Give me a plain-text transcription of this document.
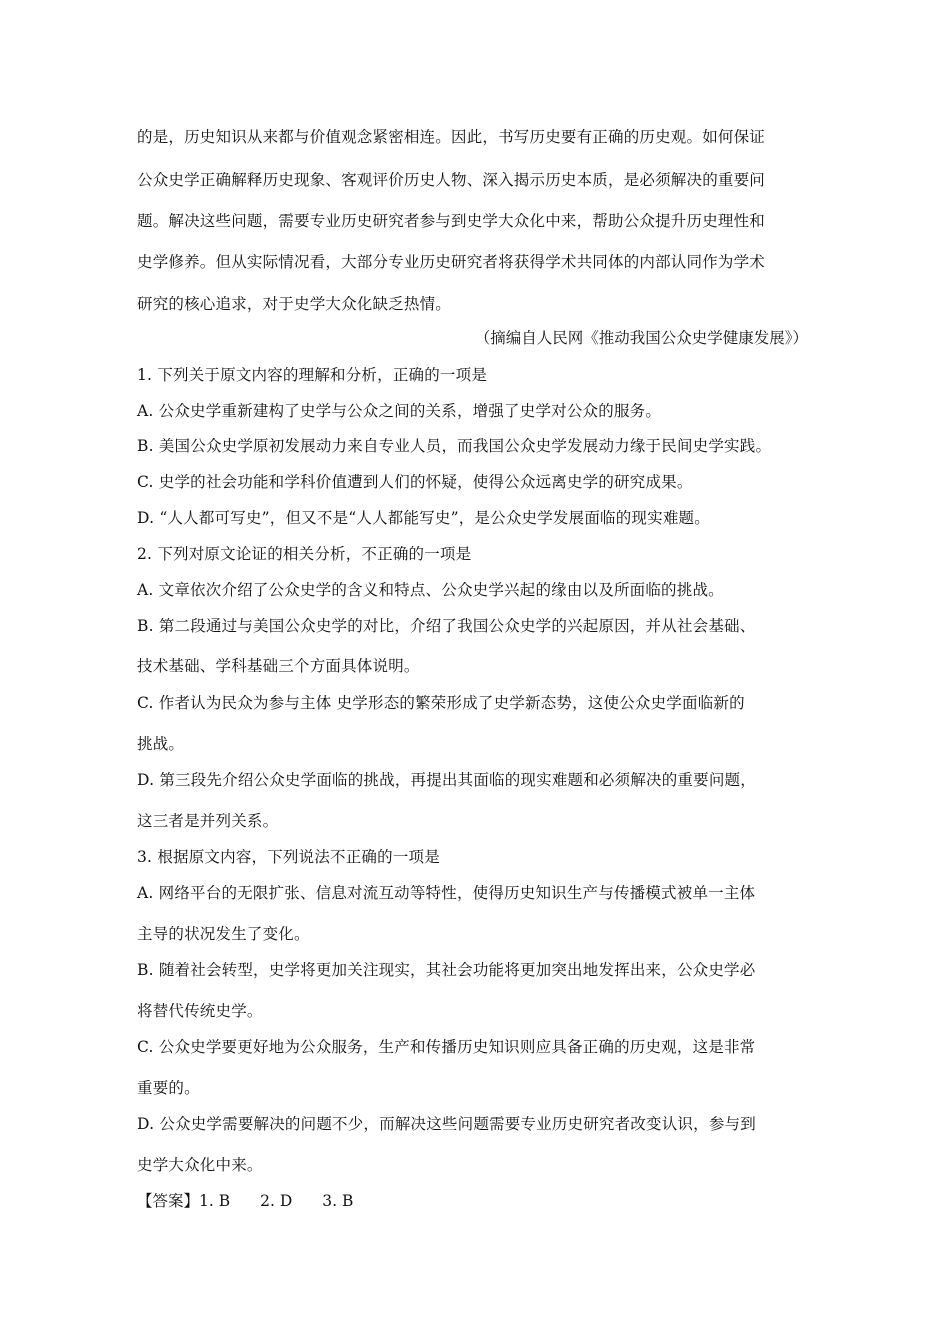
的是，历史知识从来都与价值观念紧密相连。因此，书写历史要有正确的历史观。如何保证
公众史学正确解释历史现象、客观评价历史人物、深入揭示历史本质，是必须解决的重要问
题。解决这些问题，需要专业历史研究者参与到史学大众化中来，帮助公众提升历史理性和
史学修养。但从实际情况看，大部分专业历史研究者将获得学术共同体的内部认同作为学术
研究的核心追求，对于史学大众化缺乏热情。
（摘编自人民网《推动我国公众史学健康发展》）
1. 下列关于原文内容的理解和分析，正确的一项是
A. 公众史学重新建构了史学与公众之间的关系，增强了史学对公众的服务。
B. 美国公众史学原初发展动力来自专业人员，而我国公众史学发展动力缘于民间史学实践。
C. 史学的社会功能和学科价值遭到人们的怀疑，使得公众远离史学的研究成果。
D. “人人都可写史”，但又不是“人人都能写史”，是公众史学发展面临的现实难题。
2. 下列对原文论证的相关分析，不正确的一项是
A. 文章依次介绍了公众史学的含义和特点、公众史学兴起的缘由以及所面临的挑战。
B. 第二段通过与美国公众史学的对比，介绍了我国公众史学的兴起原因，并从社会基础、
技术基础、学科基础三个方面具体说明。
C. 作者认为民众为参与主体 史学形态的繁荣形成了史学新态势，这使公众史学面临新的
挑战。
D. 第三段先介绍公众史学面临的挑战，再提出其面临的现实难题和必须解决的重要问题，
这三者是并列关系。
3. 根据原文内容，下列说法不正确的一项是
A. 网络平台的无限扩张、信息对流互动等特性，使得历史知识生产与传播模式被单一主体
主导的状况发生了变化。
B. 随着社会转型，史学将更加关注现实，其社会功能将更加突出地发挥出来，公众史学必
将替代传统史学。
C. 公众史学要更好地为公众服务，生产和传播历史知识则应具备正确的历史观，这是非常
重要的。
D. 公众史学需要解决的问题不少，而解决这些问题需要专业历史研究者改变认识，参与到
史学大众化中来。
【答案】1. B 2. D 3. B
